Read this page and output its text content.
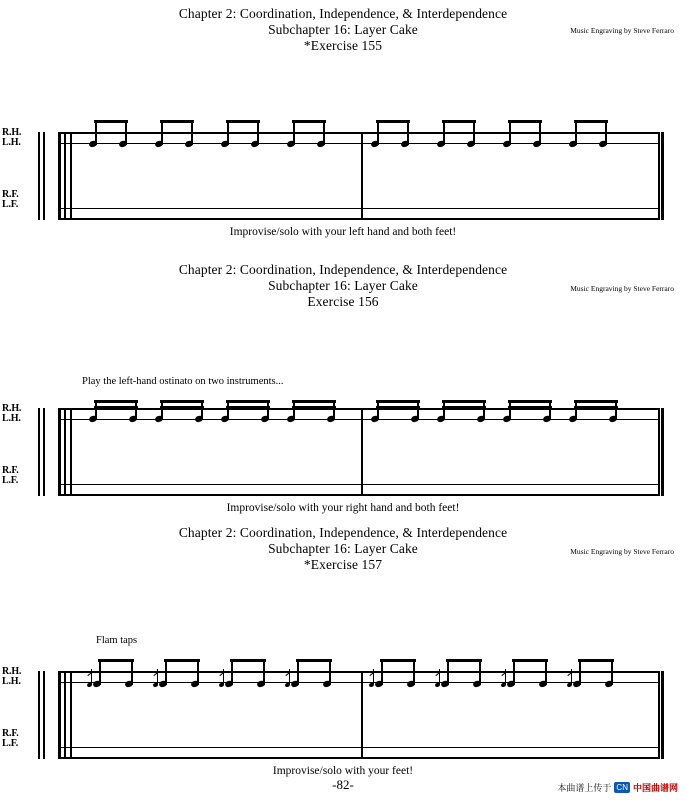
Chapter 2: Coordination, Independence, & Interdependence
Subchapter 16: Layer Cake
*Exercise 155
Music Engraving by Steve Ferraro
R.H.
L.H.
R.F.
L.F.
Improvise/solo with your left hand and both feet!
Chapter 2: Coordination, Independence, & Interdependence
Subchapter 16: Layer Cake
Exercise 156
Music Engraving by Steve Ferraro
Play the left-hand ostinato on two instruments...
R.H.
L.H.
R.F.
L.F.
Improvise/solo with your right hand and both feet!
Chapter 2: Coordination, Independence, & Interdependence
Subchapter 16: Layer Cake
*Exercise 157
Music Engraving by Steve Ferraro
Flam taps
R.H.
L.H.
R.F.
L.F.
Improvise/solo with your feet!
-82-	本曲谱上传于 CN 中国曲谱网
